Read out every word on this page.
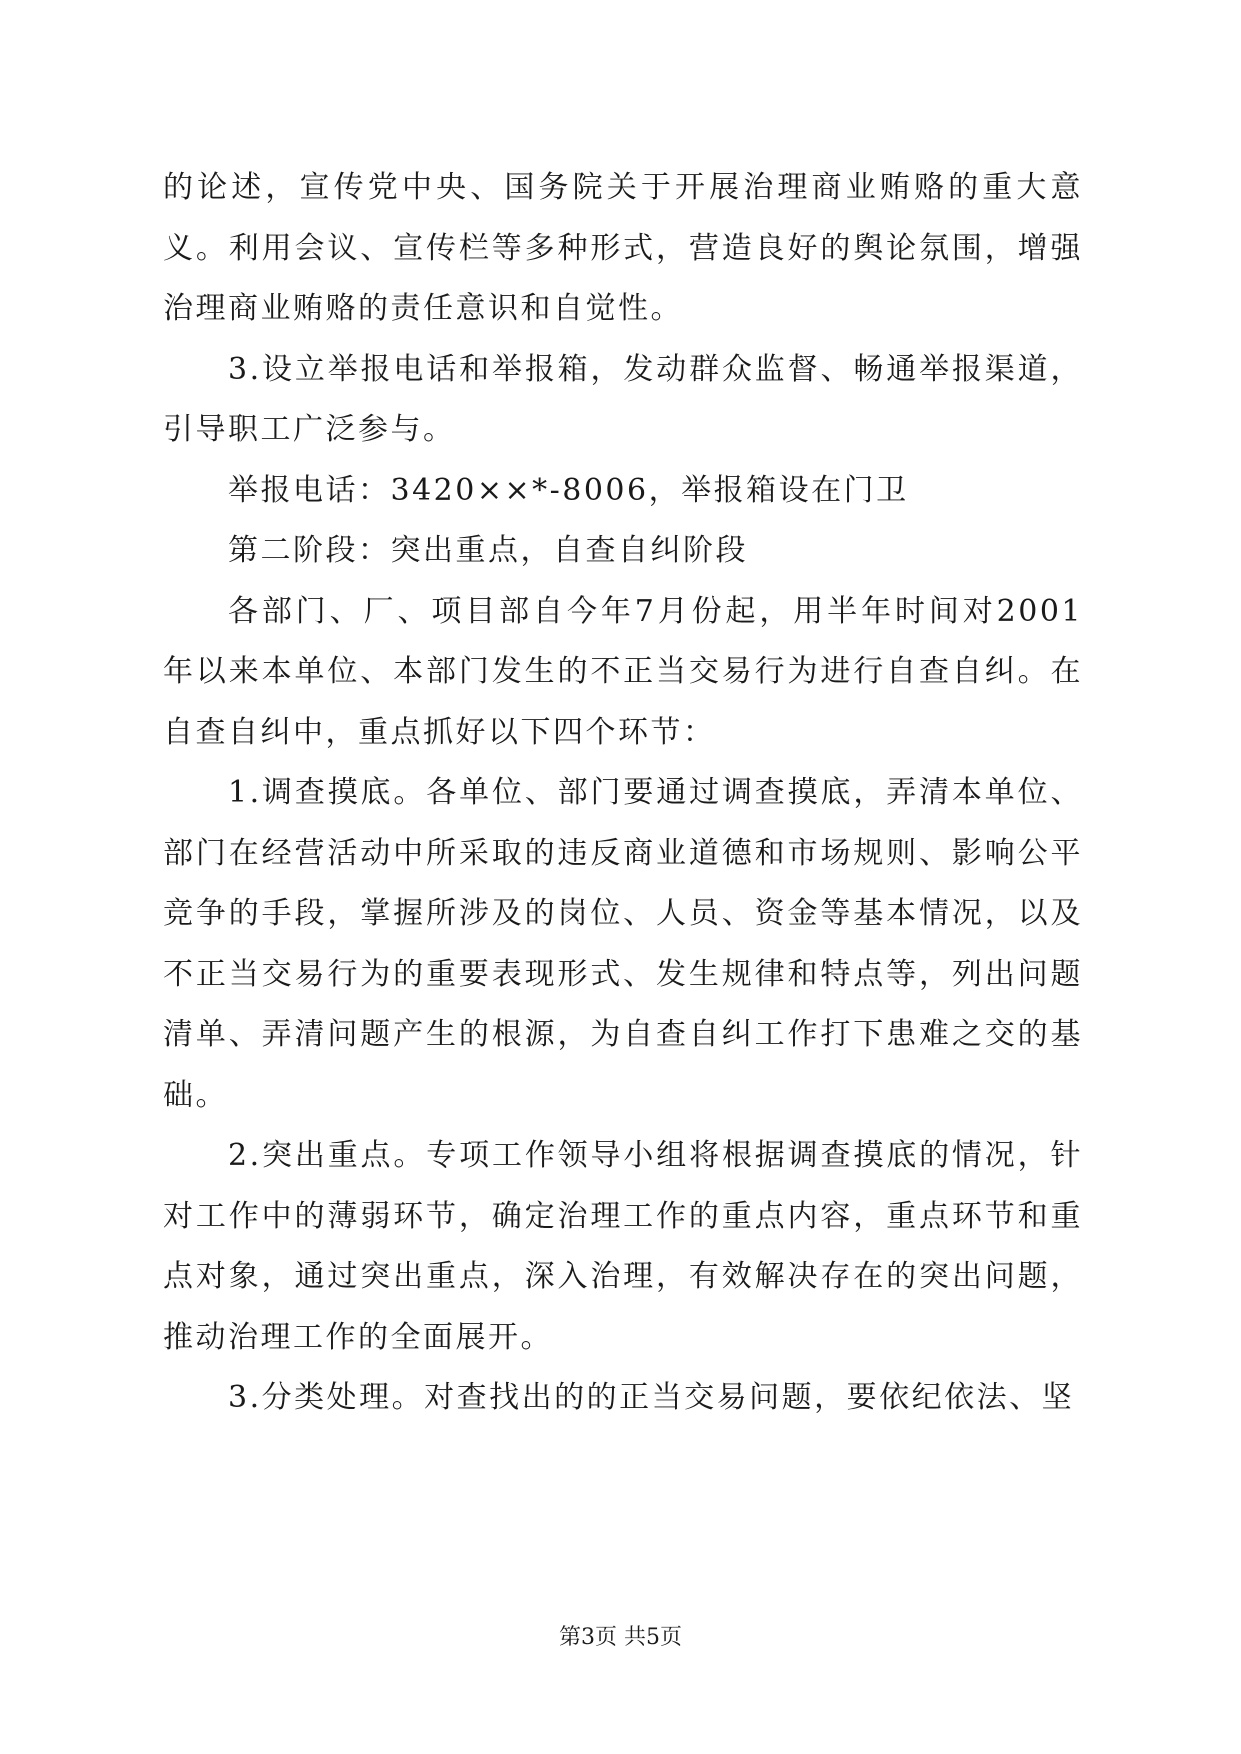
的论述，宣传党中央、国务院关于开展治理商业贿赂的重大意义。利用会议、宣传栏等多种形式，营造良好的舆论氛围，增强治理商业贿赂的责任意识和自觉性。

3.设立举报电话和举报箱，发动群众监督、畅通举报渠道，引导职工广泛参与。

举报电话：3420××*-8006，举报箱设在门卫

第二阶段：突出重点，自查自纠阶段

各部门、厂、项目部自今年7月份起，用半年时间对2001年以来本单位、本部门发生的不正当交易行为进行自查自纠。在自查自纠中，重点抓好以下四个环节：

1.调查摸底。各单位、部门要通过调查摸底，弄清本单位、部门在经营活动中所采取的违反商业道德和市场规则、影响公平竞争的手段，掌握所涉及的岗位、人员、资金等基本情况，以及不正当交易行为的重要表现形式、发生规律和特点等，列出问题清单、弄清问题产生的根源，为自查自纠工作打下患难之交的基础。

2.突出重点。专项工作领导小组将根据调查摸底的情况，针对工作中的薄弱环节，确定治理工作的重点内容，重点环节和重点对象，通过突出重点，深入治理，有效解决存在的突出问题，推动治理工作的全面展开。

3.分类处理。对查找出的的正当交易问题，要依纪依法、坚

第3页 共5页
